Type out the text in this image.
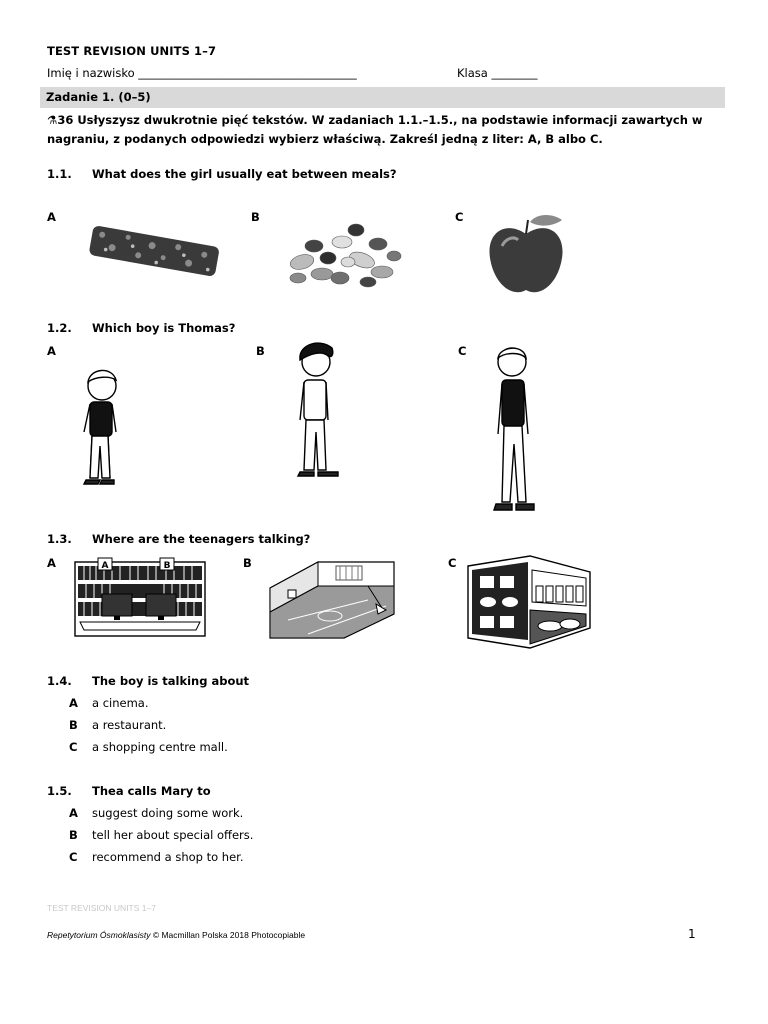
TEST REVISION UNITS 1–7
Imię i nazwisko ______________________________________	Klasa ________
Zadanie 1. (0–5)
⚗36 Usłyszysz dwukrotnie pięć tekstów. W zadaniach 1.1.–1.5., na podstawie informacji zawartych w nagraniu, z podanych odpowiedzi wybierz właściwą. Zakreśl jedną z liter: A, B albo C.
1.1. What does the girl usually eat between meals?
A	B	C
1.2. Which boy is Thomas?
A	B	C
1.3. Where are the teenagers talking?
A	B	C
A	B
1.4. The boy is talking about
A a cinema.
B a restaurant.
C a shopping centre mall.
1.5. Thea calls Mary to
A suggest doing some work.
B tell her about special offers.
C recommend a shop to her.
TEST REVISION UNITS 1–7
Repetytorium Ósmoklasisty © Macmillan Polska 2018 Photocopiable	1
